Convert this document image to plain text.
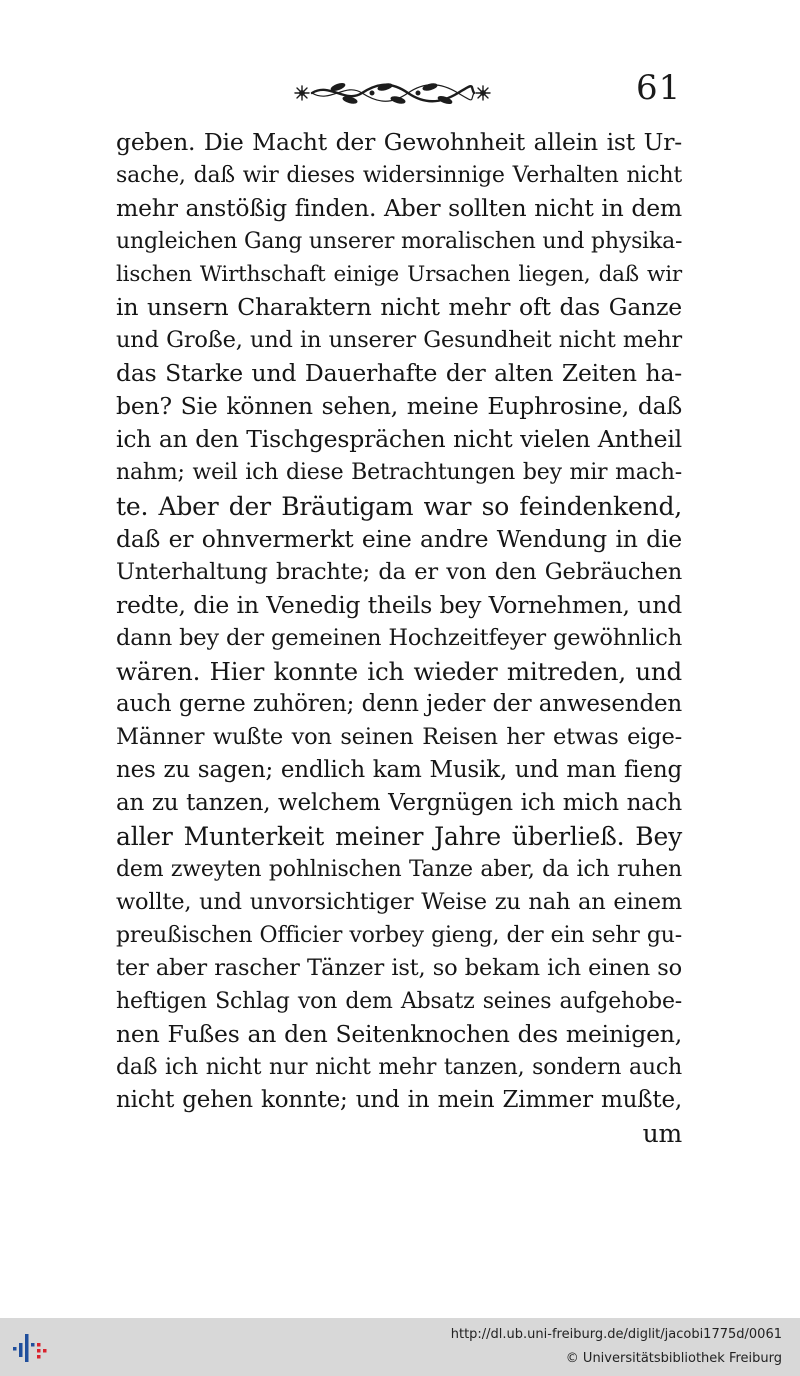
61
geben. Die Macht der Gewohnheit allein ist Ur-
sache, daß wir dieses widersinnige Verhalten nicht
mehr anstößig finden. Aber sollten nicht in dem
ungleichen Gang unserer moralischen und physika-
lischen Wirthschaft einige Ursachen liegen, daß wir
in unsern Charaktern nicht mehr oft das Ganze
und Große, und in unserer Gesundheit nicht mehr
das Starke und Dauerhafte der alten Zeiten ha-
ben? Sie können sehen, meine Euphrosine, daß
ich an den Tischgesprächen nicht vielen Antheil
nahm; weil ich diese Betrachtungen bey mir mach-
te. Aber der Bräutigam war so feindenkend,
daß er ohnvermerkt eine andre Wendung in die
Unterhaltung brachte; da er von den Gebräuchen
redte, die in Venedig theils bey Vornehmen, und
dann bey der gemeinen Hochzeitfeyer gewöhnlich
wären. Hier konnte ich wieder mitreden, und
auch gerne zuhören; denn jeder der anwesenden
Männer wußte von seinen Reisen her etwas eige-
nes zu sagen; endlich kam Musik, und man fieng
an zu tanzen, welchem Vergnügen ich mich nach
aller Munterkeit meiner Jahre überließ. Bey
dem zweyten pohlnischen Tanze aber, da ich ruhen
wollte, und unvorsichtiger Weise zu nah an einem
preußischen Officier vorbey gieng, der ein sehr gu-
ter aber rascher Tänzer ist, so bekam ich einen so
heftigen Schlag von dem Absatz seines aufgehobe-
nen Fußes an den Seitenknochen des meinigen,
daß ich nicht nur nicht mehr tanzen, sondern auch
nicht gehen konnte; und in mein Zimmer mußte,
um
http://dl.ub.uni-freiburg.de/diglit/jacobi1775d/0061
© Universitätsbibliothek Freiburg
